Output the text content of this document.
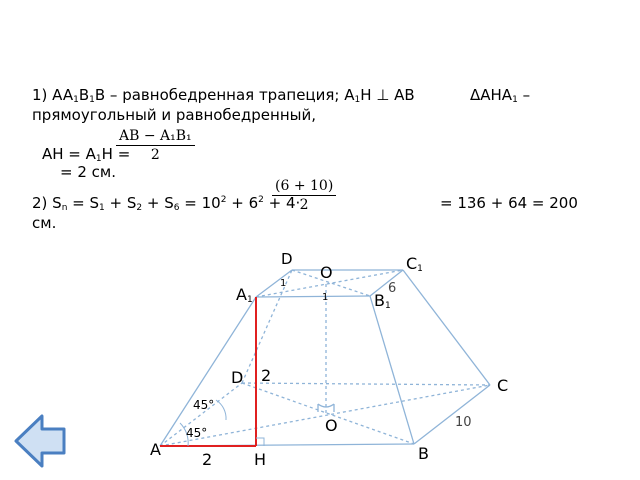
1) $AA_1B_1B$ – равнобедренная трапеция; $A_1H$ ⊥ AB	$\Delta AHA_1$ –
прямоугольный и равнобедренный,
AH = $A_1H$ =
$\frac{\text{AB − A₁B₁}}{2}$
= 2 см.
2) $S_n = S_1 + S_2 + S_6 = 10^2 + 6^2 + 4\cdot$
$\frac{(6 + 10)}{2}$	= 136 + 64 = 200
см.
D	$C_1$
O
1	6
$A_1$	1	$B_1$
D 2
C
45°
O	10
45°
A	B
2	H
